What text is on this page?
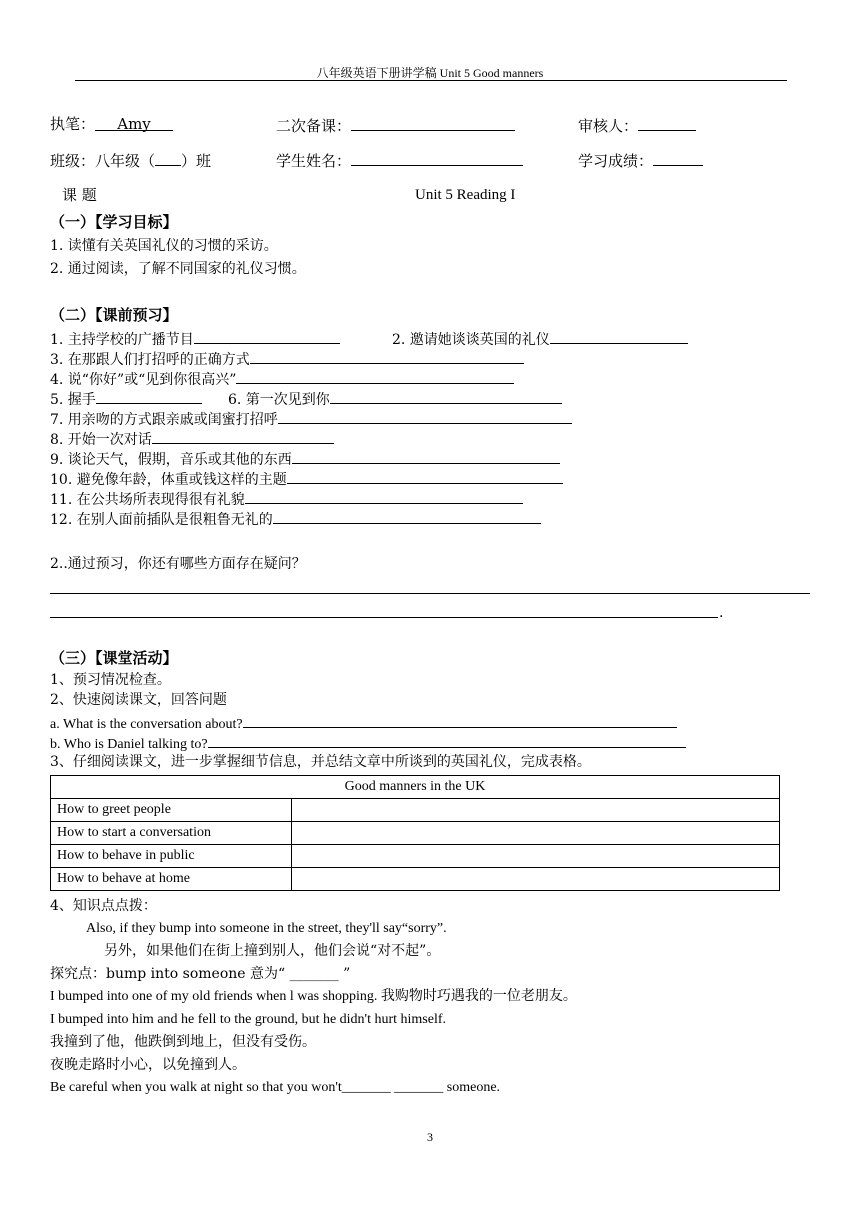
八年级英语下册讲学稿 Unit 5 Good manners
执笔： Amy	二次备课：	审核人：
班级：八年级（ ）班	学生姓名：	学习成绩：
课 题	Unit 5 Reading I
（一）【学习目标】
1. 读懂有关英国礼仪的习惯的采访。
2. 通过阅读，了解不同国家的礼仪习惯。
（二）【课前预习】
1. 主持学校的广播节目	2. 邀请她谈谈英国的礼仪
3. 在那跟人们打招呼的正确方式
4. 说“你好”或“见到你很高兴”
5. 握手	6. 第一次见到你
7. 用亲吻的方式跟亲戚或闺蜜打招呼
8. 开始一次对话
9. 谈论天气，假期，音乐或其他的东西
10. 避免像年龄，体重或钱这样的主题
11. 在公共场所表现得很有礼貌
12. 在别人面前插队是很粗鲁无礼的
2..通过预习，你还有哪些方面存在疑问？
.
（三）【课堂活动】
1、预习情况检查。
2、快速阅读课文，回答问题
a. What is the conversation about?
b. Who is Daniel talking to?
3、仔细阅读课文，进一步掌握细节信息，并总结文章中所谈到的英国礼仪，完成表格。
Good manners in the UK	
How to greet people	
How to start a conversation	
How to behave in public	
How to behave at home	
4、知识点点拨：
Also, if they bump into someone in the street, they'll say“sorry”.
另外，如果他们在街上撞到别人，他们会说“对不起”。
探究点：bump into someone 意为“ _______ ”
I bumped into one of my old friends when l was shopping. 我购物时巧遇我的一位老朋友。
I bumped into him and he fell to the ground, but he didn't hurt himself.
我撞到了他，他跌倒到地上，但没有受伤。
夜晚走路时小心，以免撞到人。
Be careful when you walk at night so that you won't_______ _______ someone.
3
